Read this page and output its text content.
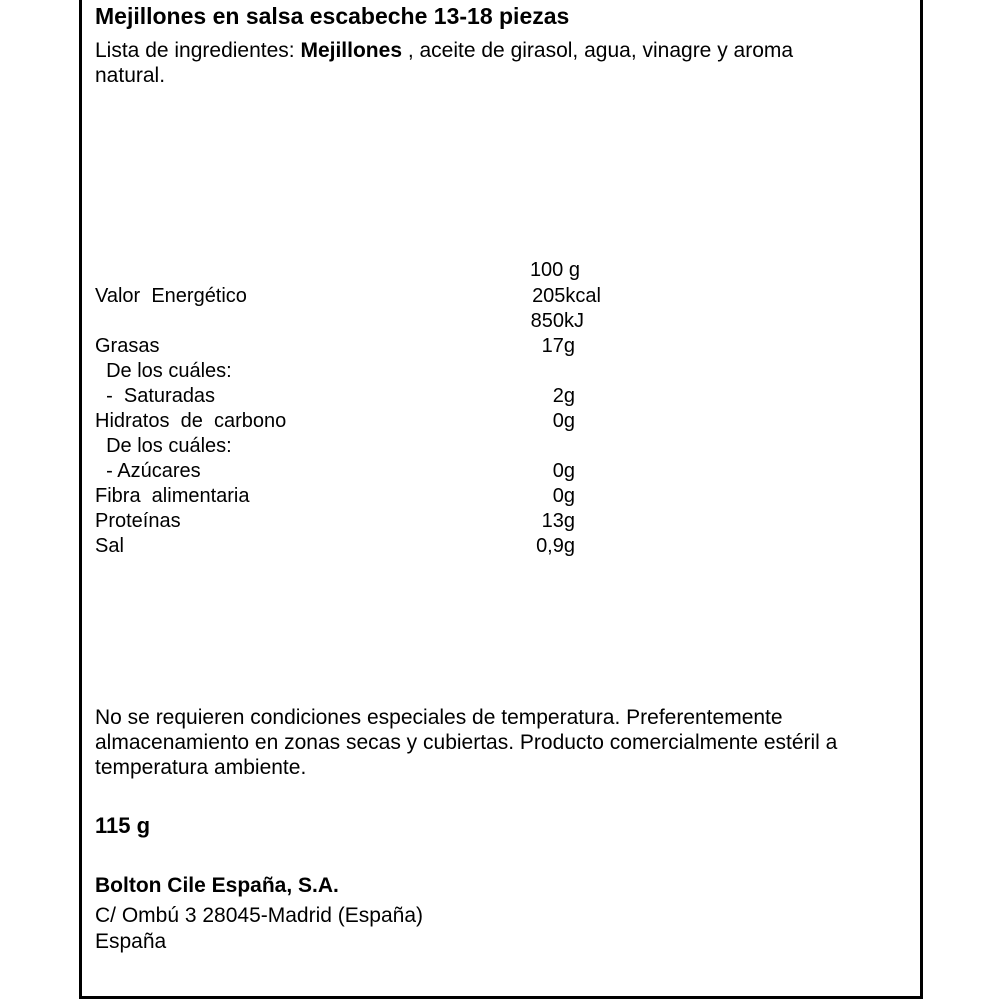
Mejillones en salsa escabeche 13-18 piezas
Lista de ingredientes: Mejillones , aceite de girasol, agua, vinagre y aroma
natural.
100 g
Valor  Energético	205kcal
850kJ
Grasas	17g
De los cuáles:
-  Saturadas	2g
Hidratos  de  carbono	0g
De los cuáles:
- Azúcares	0g
Fibra  alimentaria	0g
Proteínas	13g
Sal	0,9g
No se requieren condiciones especiales de temperatura. Preferentemente
almacenamiento en zonas secas y cubiertas. Producto comercialmente estéril a
temperatura ambiente.
115 g
Bolton Cile España, S.A.
C/ Ombú 3 28045-Madrid (España)
España
